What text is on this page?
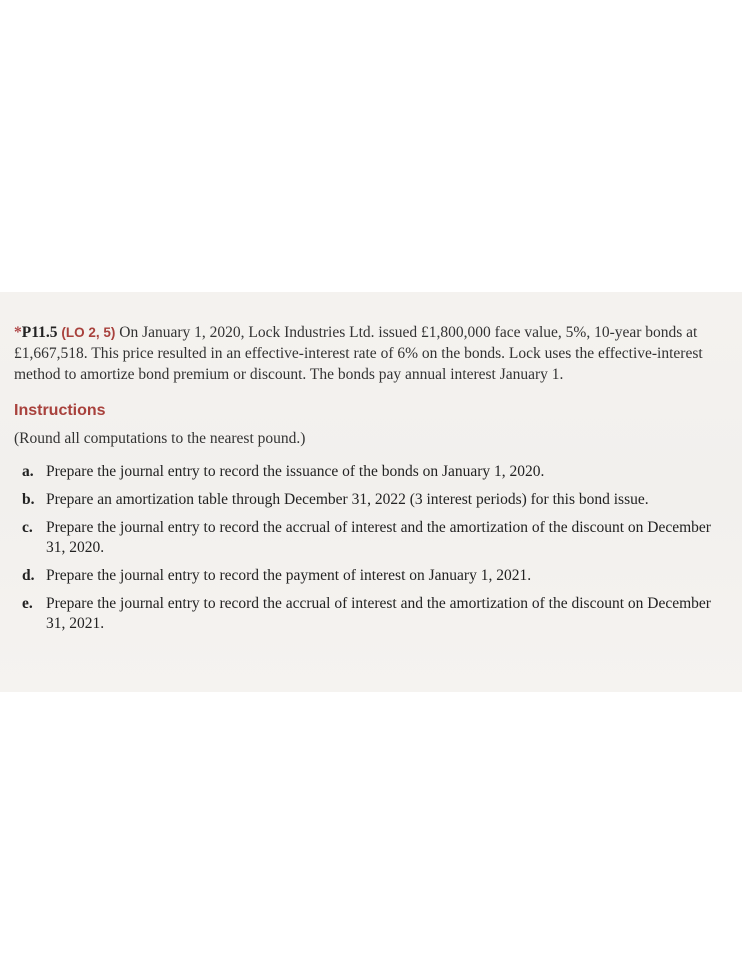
*P11.5 (LO 2, 5) On January 1, 2020, Lock Industries Ltd. issued £1,800,000 face value, 5%, 10-year bonds at £1,667,518. This price resulted in an effective-interest rate of 6% on the bonds. Lock uses the effective-interest method to amortize bond premium or discount. The bonds pay annual interest January 1.

Instructions
(Round all computations to the nearest pound.)
a. Prepare the journal entry to record the issuance of the bonds on January 1, 2020.
b. Prepare an amortization table through December 31, 2022 (3 interest periods) for this bond issue.
c. Prepare the journal entry to record the accrual of interest and the amortization of the discount on December 31, 2020.
d. Prepare the journal entry to record the payment of interest on January 1, 2021.
e. Prepare the journal entry to record the accrual of interest and the amortization of the discount on December 31, 2021.
